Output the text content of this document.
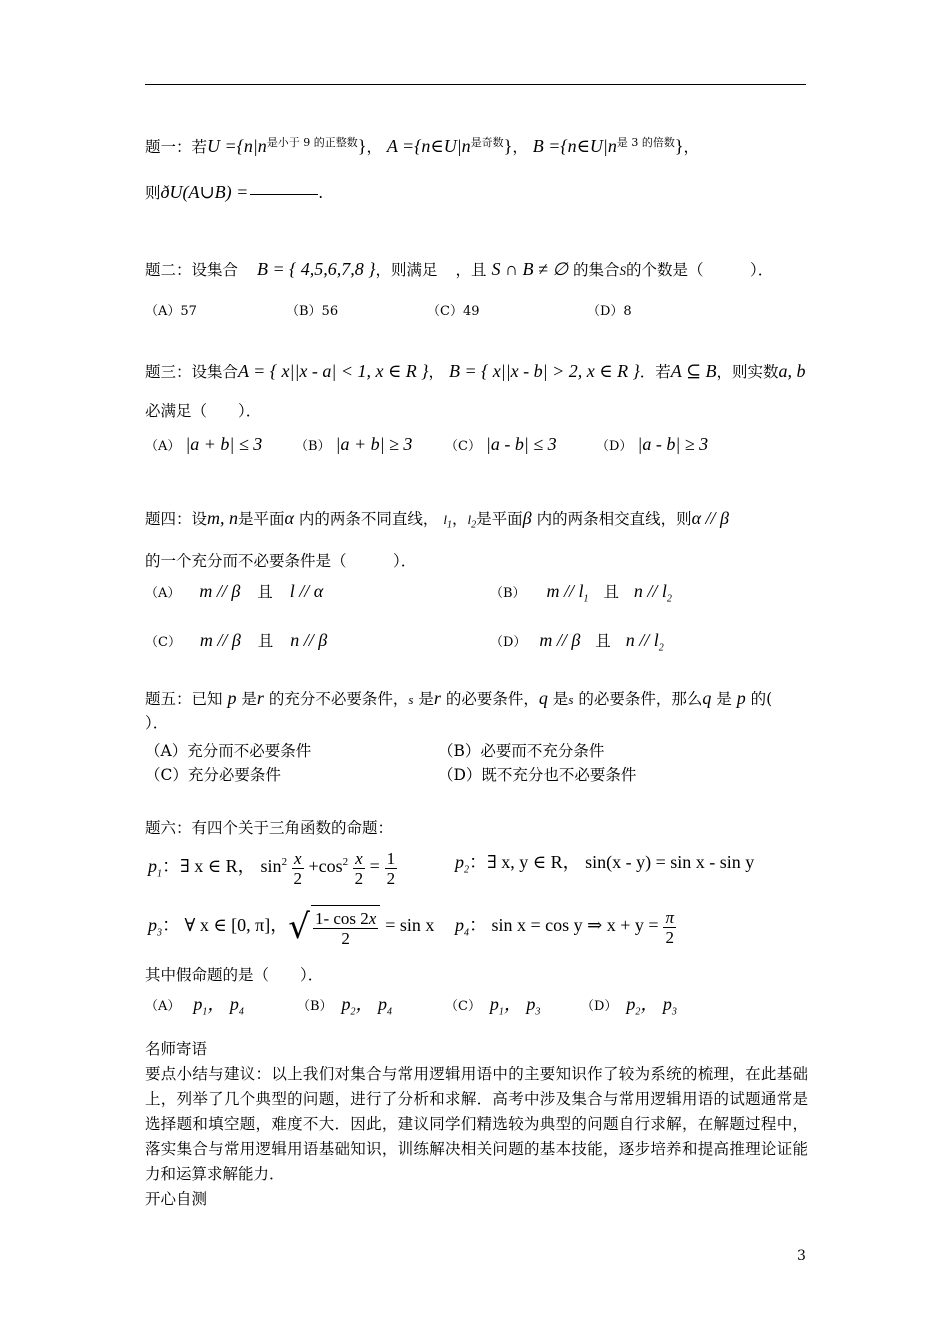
题一：若$U =\{n|n^{是小于 9 的正整数}\}$， $A =\{n\in U|n^{是奇数}\}$， $B =\{n\in U|n^{是 3 的倍数}\}$，
则ðU(A∪B) =	.
题二：设集合 B = { 4,5,6,7,8 }，则满足 ，且 S ∩ B ≠ ∅ 的集合S的个数是（　　　）．
（A）57	（B）56	（C）49	（D）8
题三：设集合A = { x||x - a| < 1, x ∈ R }， B = { x||x - b| > 2, x ∈ R }．若A ⊆ B，则实数a, b
必满足（　　）．
（A） |a + b| ≤ 3	（B） |a + b| ≥ 3	（C） |a - b| ≤ 3	（D） |a - b| ≥ 3
题四：设m, n是平面α 内的两条不同直线， $l_1$，$l_2$是平面β 内的两条相交直线，则α // β
的一个充分而不必要条件是（　　　）．
（A） m // β 且 l // α	（B） m // $l_1$ 且 n // $l_2$
（C） m // β 且 n // β	（D） m // β 且 n // $l_2$
题五：已知 p 是r 的充分不必要条件，s 是r 的必要条件，q 是s 的必要条件，那么q 是 p 的(
）．
（A）充分而不必要条件	（B）必要而不充分条件
（C）充分必要条件	（D）既不充分也不必要条件
题六：有四个关于三角函数的命题：
$p_1$：∃ x ∈ R， $\sin^2 \frac{x}{2} +\cos^2 \frac{x}{2} = \frac{1}{2}$	$p_2$：∃ x, y ∈ R， sin(x - y) = sin x - sin y
$p_3$： ∀ x ∈ [0, π]，√ $\frac{1- \cos 2x}{2} = \sin x$ $p_4$： sin x = cos y ⇒ $x + y = \frac{\pi}{2}$
其中假命题的是（　　）．
（A） $p_1$， $p_4$	（B） $p_2$， $p_4$	（C） $p_1$， $p_3$	（D） $p_2$， $p_3$
名师寄语
要点小结与建议：以上我们对集合与常用逻辑用语中的主要知识作了较为系统的梳理，在此基础上，列举了几个典型的问题，进行了分析和求解．高考中涉及集合与常用逻辑用语的试题通常是选择题和填空题，难度不大．因此，建议同学们精选较为典型的问题自行求解，在解题过程中，落实集合与常用逻辑用语基础知识，训练解决相关问题的基本技能，逐步培养和提高推理论证能力和运算求解能力．
开心自测
3
